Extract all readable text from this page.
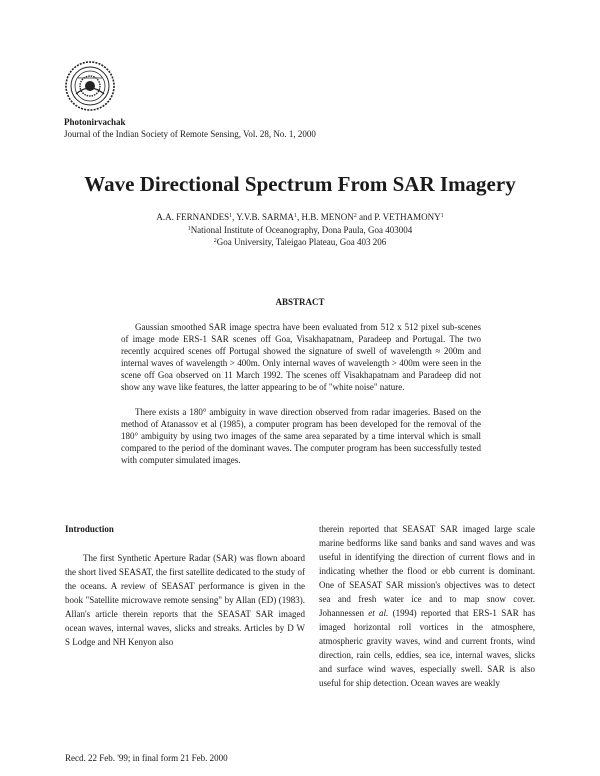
Photonirvachak
Journal of the Indian Society of Remote Sensing, Vol. 28, No. 1, 2000
Wave Directional Spectrum From SAR Imagery
A.A. FERNANDES$^1$, Y.V.B. SARMA$^1$, H.B. MENON$^2$ and P. VETHAMONY$^1$
$^1$National Institute of Oceanography, Dona Paula, Goa 403004
$^2$Goa University, Taleigao Plateau, Goa 403 206
ABSTRACT

Gaussian smoothed SAR image spectra have been evaluated from 512 x 512 pixel sub-scenes of image mode ERS-1 SAR scenes off Goa, Visakhapatnam, Paradeep and Portugal. The two recently acquired scenes off Portugal showed the signature of swell of wavelength ≈ 200m and internal waves of wavelength > 400m. Only internal waves of wavelength > 400m were seen in the scene off Goa observed on 11 March 1992. The scenes off Visakhapatnam and Paradeep did not show any wave like features, the latter appearing to be of "white noise" nature.

There exists a 180° ambiguity in wave direction observed from radar imageries. Based on the method of Atanassov et al (1985), a computer program has been developed for the removal of the 180° ambiguity by using two images of the same area separated by a time interval which is small compared to the period of the dominant waves. The computer program has been successfully tested with computer simulated images.

Introduction

The first Synthetic Aperture Radar (SAR) was flown aboard the short lived SEASAT, the first satellite dedicated to the study of the oceans. A review of SEASAT performance is given in the book "Satellite microwave remote sensing" by Allan (ED) (1983). Allan's article therein reports that the SEASAT SAR imaged ocean waves, internal waves, slicks and streaks. Articles by D W S Lodge and NH Kenyon also

therein reported that SEASAT SAR imaged large scale marine bedforms like sand banks and sand waves and was useful in identifying the direction of current flows and in indicating whether the flood or ebb current is dominant. One of SEASAT SAR mission's objectives was to detect sea and fresh water ice and to map snow cover. Johannessen et al. (1994) reported that ERS-1 SAR has imaged horizontal roll vortices in the atmosphere, atmospheric gravity waves, wind and current fronts, wind direction, rain cells, eddies, sea ice, internal waves, slicks and surface wind waves, especially swell. SAR is also useful for ship detection. Ocean waves are weakly

Recd. 22 Feb. '99; in final form 21 Feb. 2000
